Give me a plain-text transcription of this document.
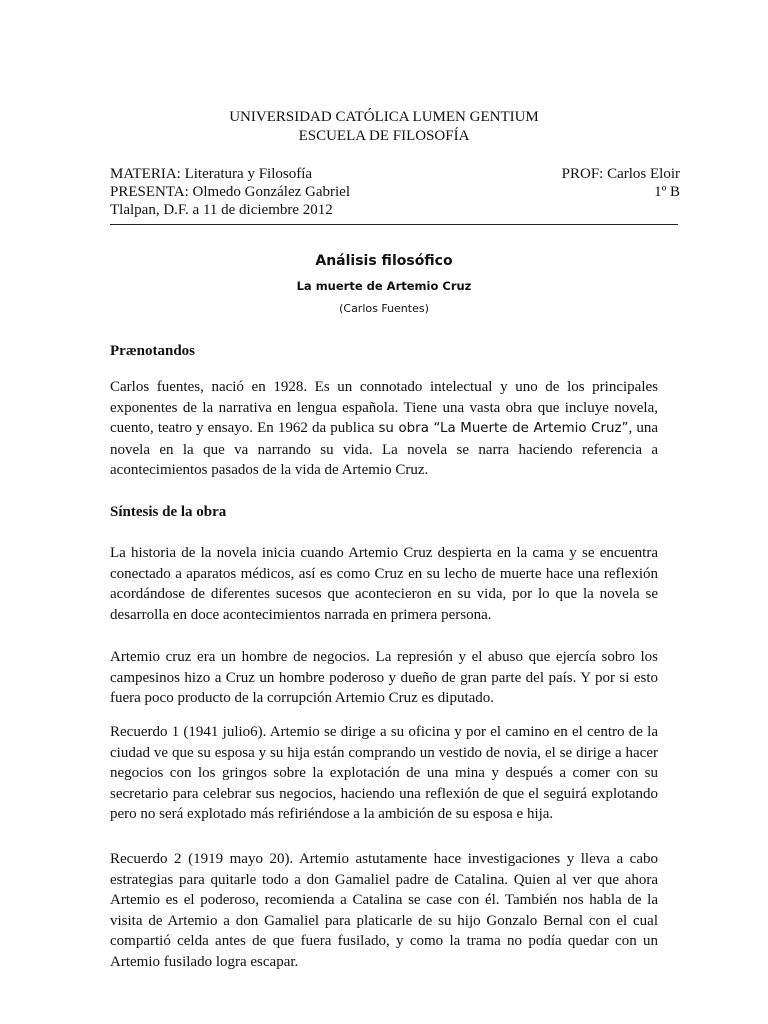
UNIVERSIDAD CATÓLICA LUMEN GENTIUM
ESCUELA DE FILOSOFÍA
MATERIA: Literatura y Filosofía	PROF: Carlos Eloir
PRESENTA: Olmedo González Gabriel	1º B
Tlalpan, D.F. a 11 de diciembre 2012
Análisis filosófico
La muerte de Artemio Cruz
(Carlos Fuentes)
Prænotandos
Carlos fuentes, nació en 1928. Es un connotado intelectual y uno de los principales exponentes de la narrativa en lengua española. Tiene una vasta obra que incluye novela, cuento, teatro y ensayo. En 1962 da publica su obra “La Muerte de Artemio Cruz”, una novela en la que va narrando su vida. La novela se narra haciendo referencia a acontecimientos pasados de la vida de Artemio Cruz.
Síntesis de la obra
La historia de la novela inicia cuando Artemio Cruz despierta en la cama y se encuentra conectado a aparatos médicos, así es como Cruz en su lecho de muerte hace una reflexión acordándose de diferentes sucesos que acontecieron en su vida, por lo que la novela se desarrolla en doce acontecimientos narrada en primera persona.
Artemio cruz era un hombre de negocios. La represión y el abuso que ejercía sobro los campesinos hizo a Cruz un hombre poderoso y dueño de gran parte del país. Y por si esto fuera poco producto de la corrupción Artemio Cruz es diputado.
Recuerdo 1 (1941 julio6). Artemio se dirige a su oficina y por el camino en el centro de la ciudad ve que su esposa y su hija están comprando un vestido de novia, el se dirige a hacer negocios con los gringos sobre la explotación de una mina y después a comer con su secretario para celebrar sus negocios, haciendo una reflexión de que el seguirá explotando pero no será explotado más refiriéndose a la ambición de su esposa e hija.
Recuerdo 2 (1919 mayo 20). Artemio astutamente hace investigaciones y lleva a cabo estrategias para quitarle todo a don Gamaliel padre de Catalina. Quien al ver que ahora Artemio es el poderoso, recomienda a Catalina se case con él. También nos habla de la visita de Artemio a don Gamaliel para platicarle de su hijo Gonzalo Bernal con el cual compartió celda antes de que fuera fusilado, y como la trama no podía quedar con un Artemio fusilado logra escapar.
